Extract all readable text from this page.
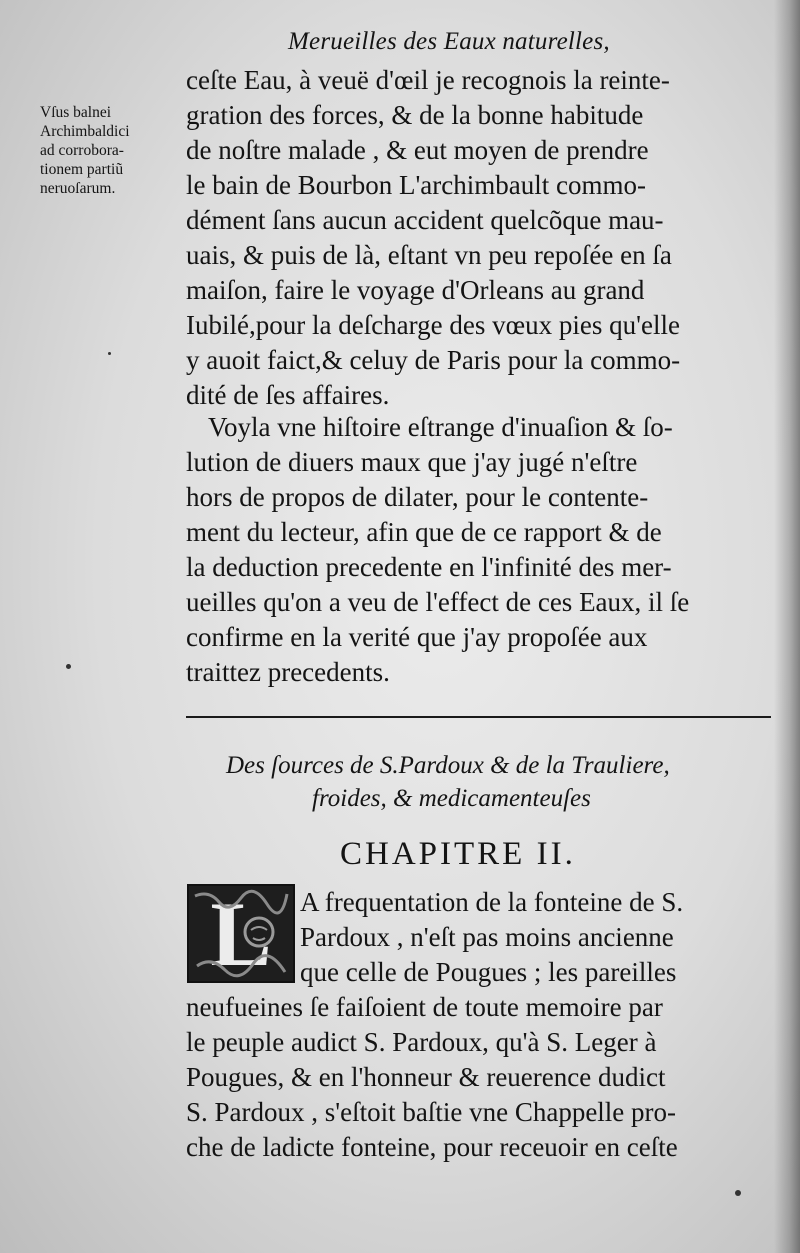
Merueilles des Eaux naturelles,
Vſus balnei
Archimbaldici
ad corrobora-
tionem partiũ
neruoſarum.
ceſte Eau, à veuë d'œil je recognois la reinte-
gration des forces, & de la bonne habitude
de noſtre malade , & eut moyen de prendre
le bain de Bourbon L'archimbault commo-
dément ſans aucun accident quelcõque mau-
uais, & puis de là, eſtant vn peu repoſée en ſa
maiſon, faire le voyage d'Orleans au grand
Iubilé,pour la deſcharge des vœux pies qu'elle
y auoit faict,& celuy de Paris pour la commo-
dité de ſes affaires.
Voyla vne hiſtoire eſtrange d'inuaſion & ſo-
lution de diuers maux que j'ay jugé n'eſtre
hors de propos de dilater, pour le contente-
ment du lecteur, afin que de ce rapport & de
la deduction precedente en l'infinité des mer-
ueilles qu'on a veu de l'effect de ces Eaux, il ſe
confirme en la verité que j'ay propoſée aux
traittez precedents.
Des ſources de S.Pardoux & de la Trauliere,
froides, & medicamenteuſes
CHAPITRE II.
L A frequentation de la fonteine de S.
Pardoux , n'eſt pas moins ancienne
que celle de Pougues ; les pareilles
neufueines ſe faiſoient de toute memoire par
le peuple audict S. Pardoux, qu'à S. Leger à
Pougues, & en l'honneur & reuerence dudict
S. Pardoux , s'eſtoit baſtie vne Chappelle pro-
che de ladicte fonteine, pour receuoir en ceſte
